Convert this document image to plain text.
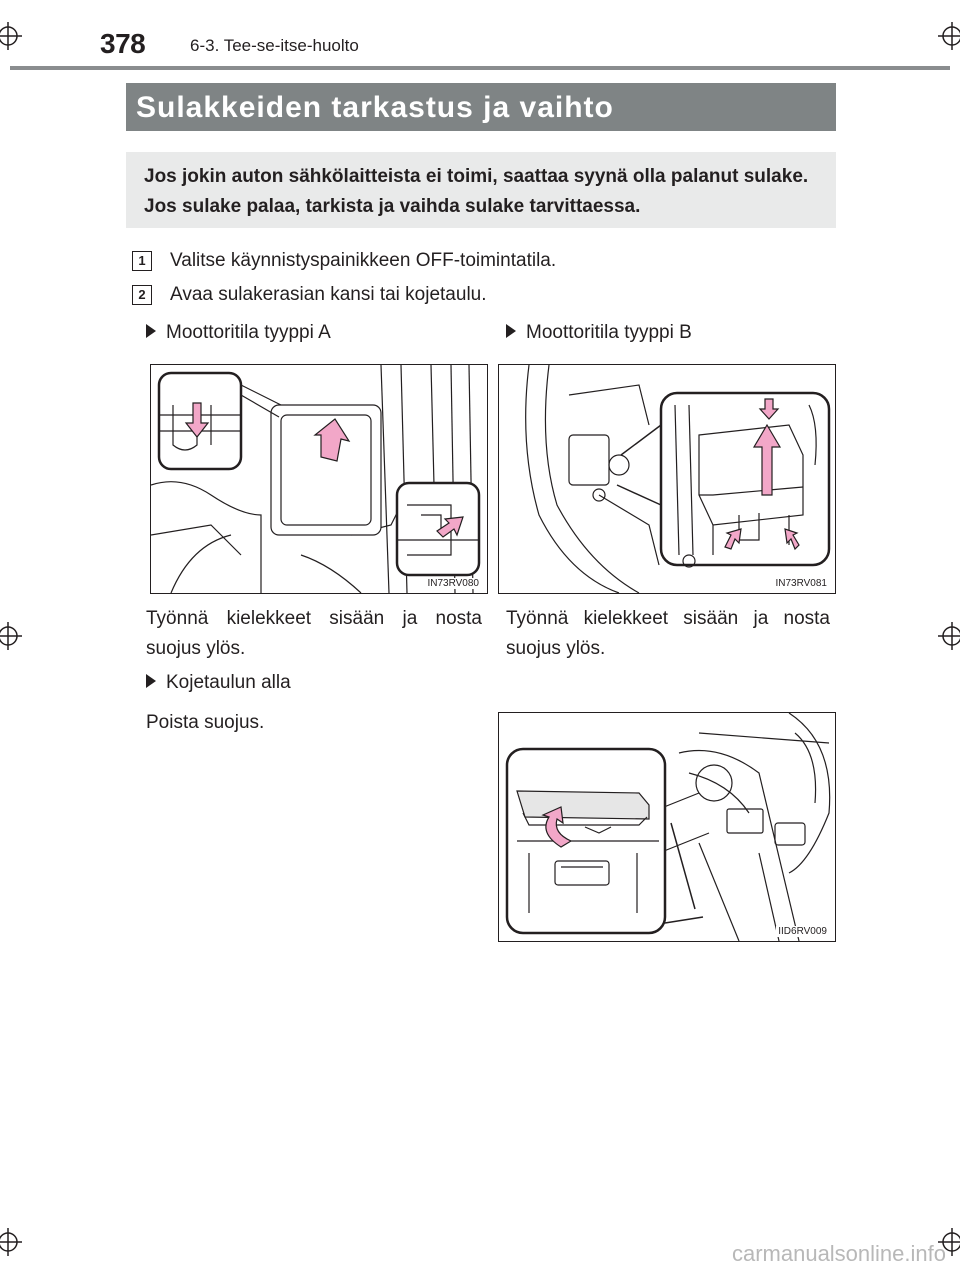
378	6-3. Tee-se-itse-huolto
Sulakkeiden tarkastus ja vaihto
Jos jokin auton sähkölaitteista ei toimi, saattaa syynä olla palanut sulake. Jos sulake palaa, tarkista ja vaihda sulake tarvittaessa.
1	Valitse käynnistyspainikkeen OFF-toimintatila.
2	Avaa sulakerasian kansi tai kojetaulu.
Moottoritila tyyppi A
IN73RV080
Työnnä kielekkeet sisään ja nosta suojus ylös.
Moottoritila tyyppi B
IN73RV081
Työnnä kielekkeet sisään ja nosta suojus ylös.
Kojetaulun alla
Poista suojus.
IID6RV009
carmanualsonline.info
